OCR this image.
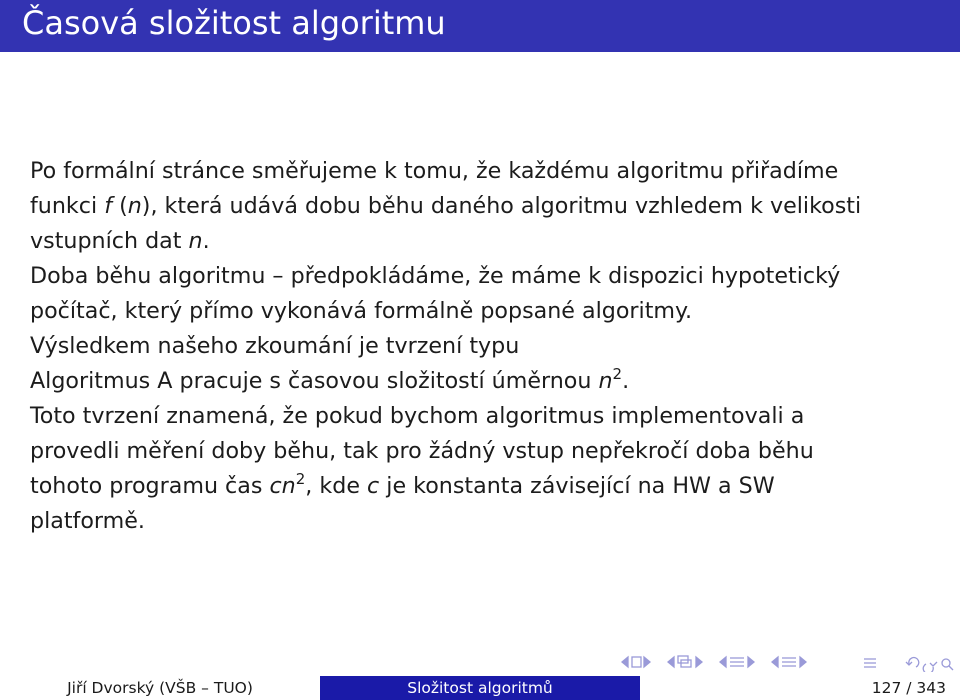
Časová složitost algoritmu
Po formální stránce směřujeme k tomu, že každému algoritmu přiřadíme
funkci f (n), která udává dobu běhu daného algoritmu vzhledem k velikosti
vstupních dat n.
Doba běhu algoritmu – předpokládáme, že máme k dispozici hypotetický
počítač, který přímo vykonává formálně popsané algoritmy.
Výsledkem našeho zkoumání je tvrzení typu
Algoritmus A pracuje s časovou složitostí úměrnou $n^2$.
Toto tvrzení znamená, že pokud bychom algoritmus implementovali a
provedli měření doby běhu, tak pro žádný vstup nepřekročí doba běhu
tohoto programu čas $cn^2$, kde c je konstanta závisející na HW a SW
platformě.
Jiří Dvorský (VŠB – TUO)	Složitost algoritmů	127 / 343
